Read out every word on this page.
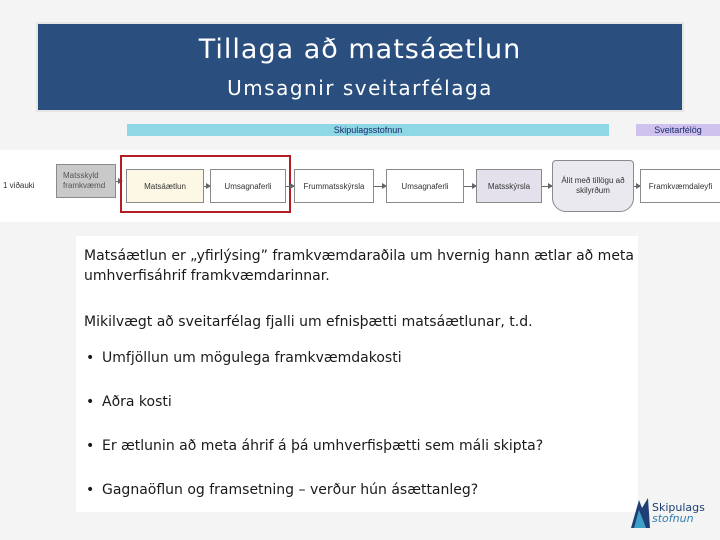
Tillaga að matsáætlun
Umsagnir sveitarfélaga
Skipulagsstofnun	Sveitarfélög
1 viðauki
Matsskyld framkvæmd	Matsáætlun	Umsagnaferli	Frummatsskýrsla	Umsagnaferli	Matsskýrsla
Álit með tillögu að skilyrðum	Framkvæmdaleyfi
Matsáætlun er „yfirlýsing” framkvæmdaraðila um hvernig hann ætlar að meta umhverfisáhrif framkvæmdarinnar.
Mikilvægt að sveitarfélag fjalli um efnisþætti matsáætlunar, t.d.
• Umfjöllun um mögulega framkvæmdakosti
• Aðra kosti
• Er ætlunin að meta áhrif á þá umhverfisþætti sem máli skipta?
• Gagnaöflun og framsetning – verður hún ásættanleg?
Skipulags
stofnun
